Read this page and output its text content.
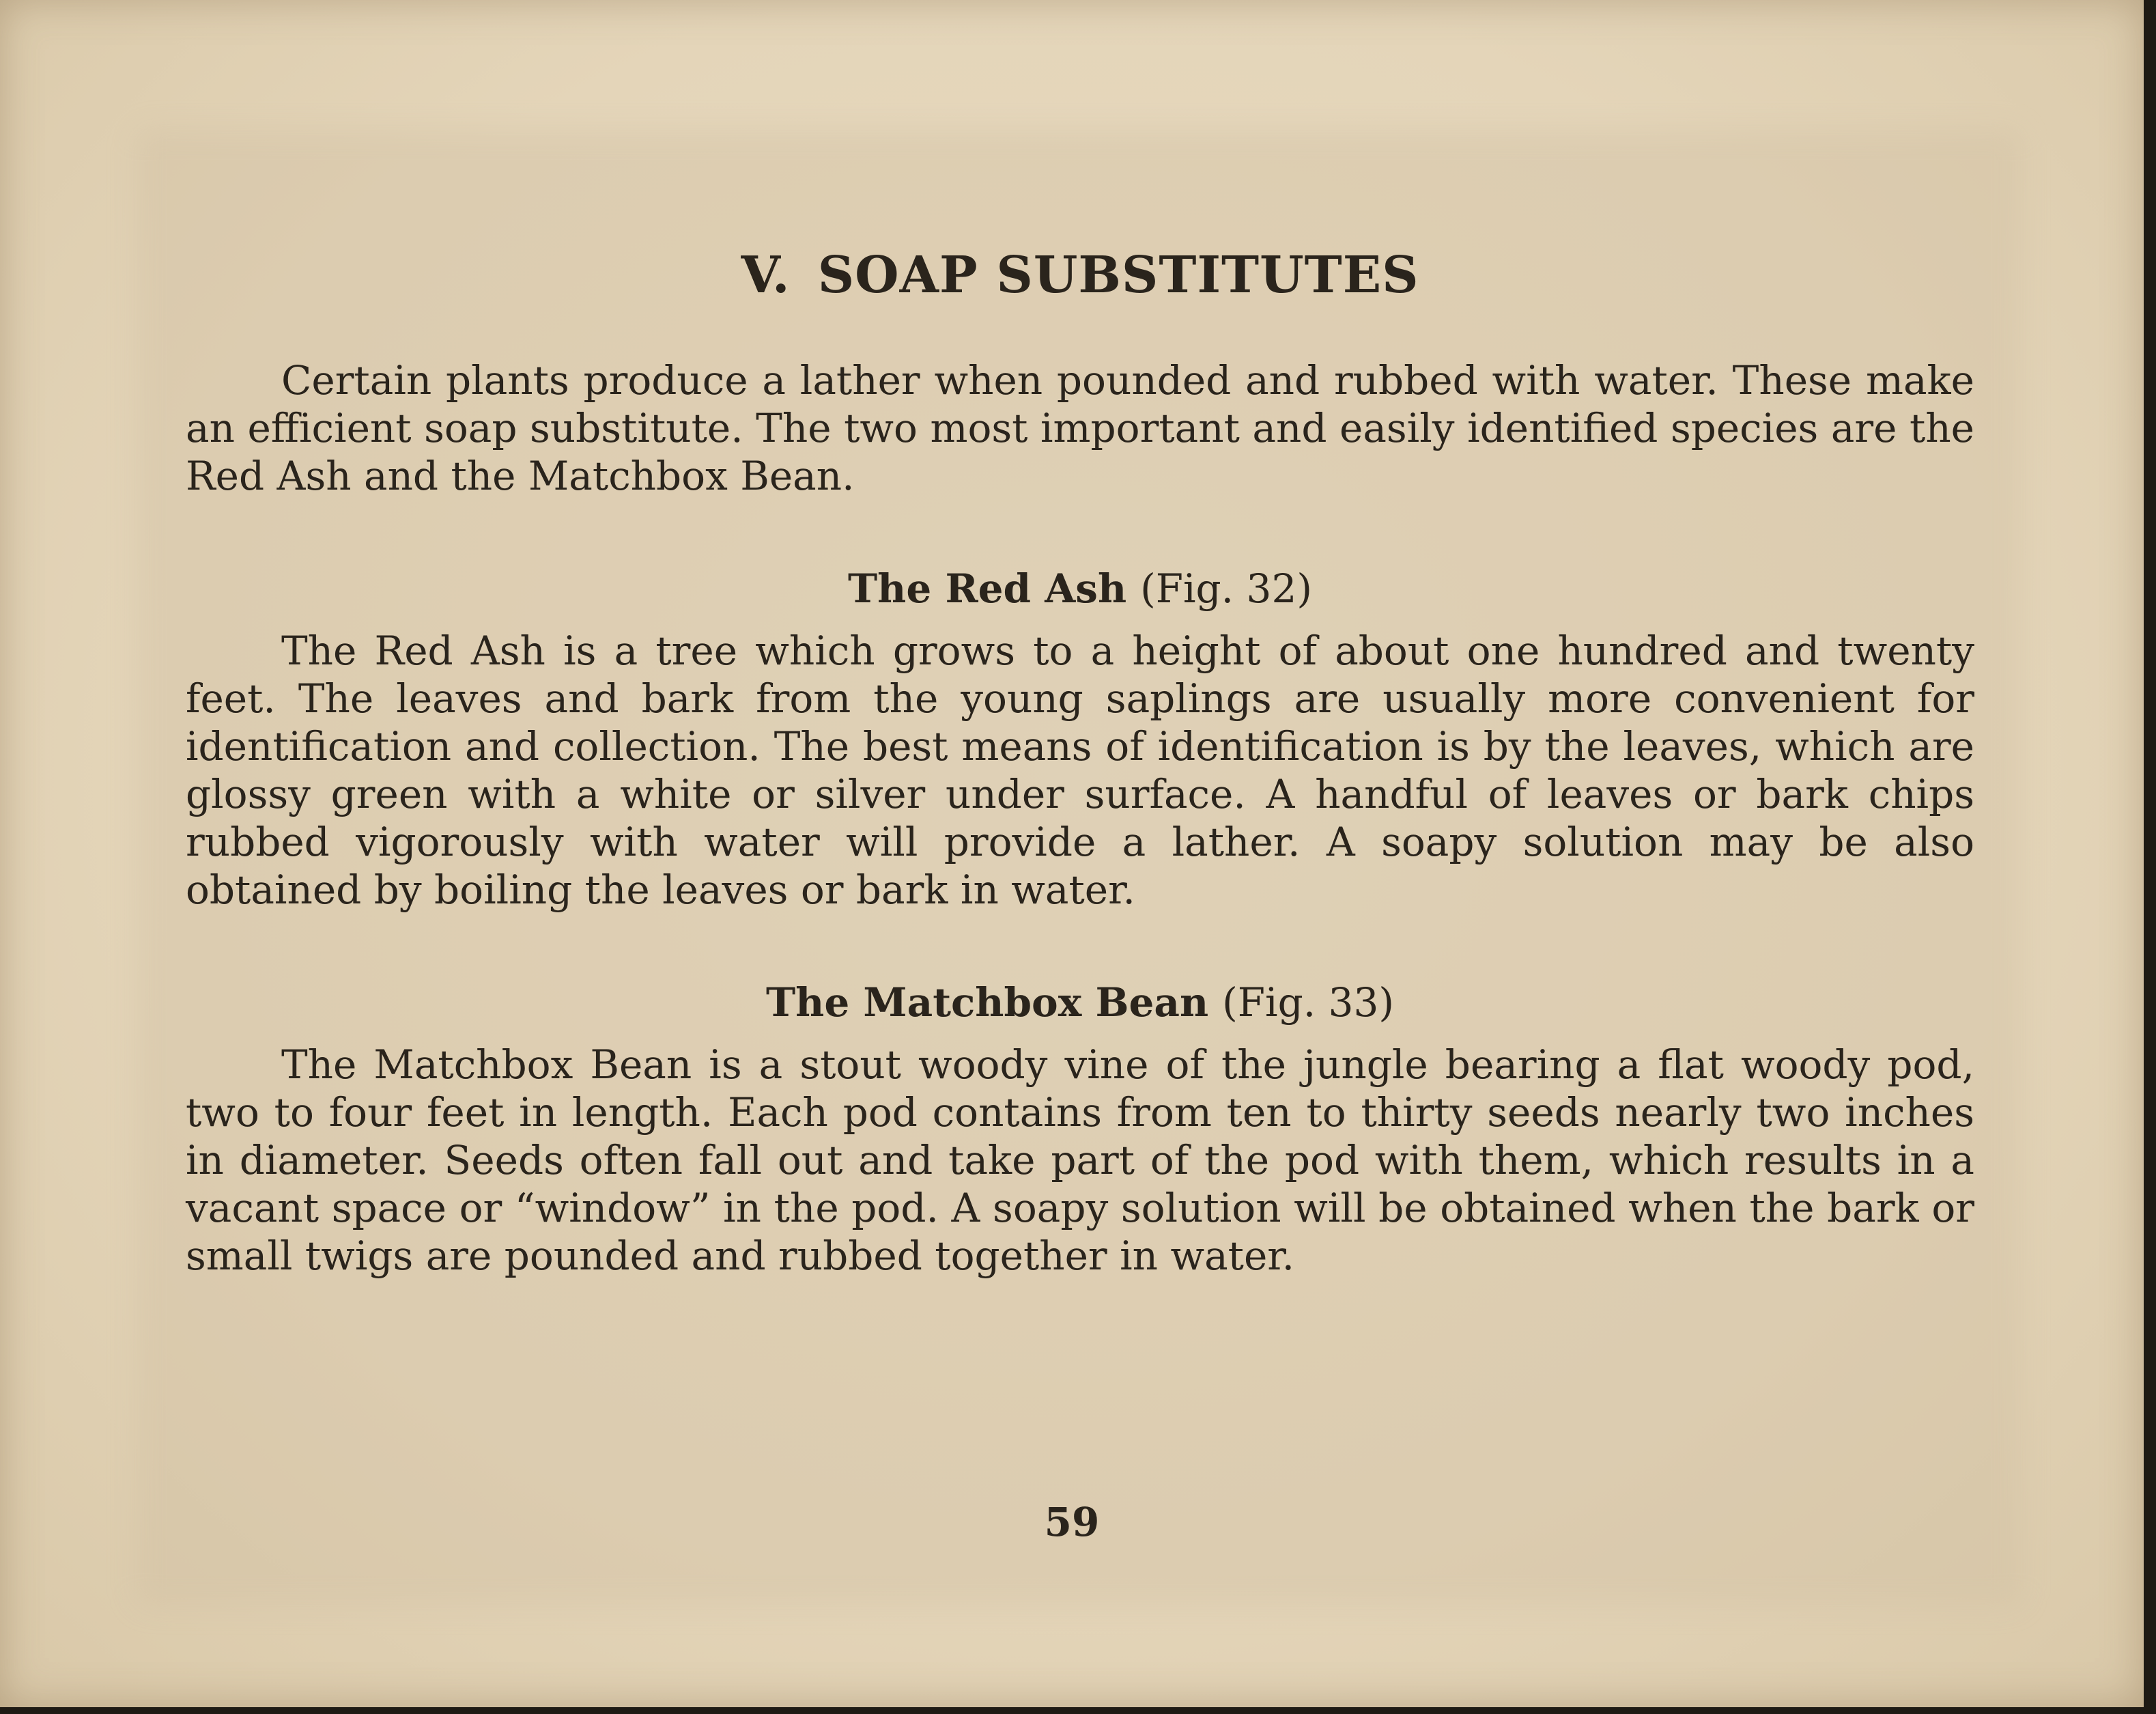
V. SOAP SUBSTITUTES

Certain plants produce a lather when pounded and rubbed with water. These make an efficient soap substitute. The two most important and easily identified species are the Red Ash and the Matchbox Bean.

The Red Ash (Fig. 32)

The Red Ash is a tree which grows to a height of about one hundred and twenty feet. The leaves and bark from the young saplings are usually more convenient for identification and collection. The best means of identification is by the leaves, which are glossy green with a white or silver under surface. A handful of leaves or bark chips rubbed vigorously with water will provide a lather. A soapy solution may be also obtained by boiling the leaves or bark in water.

The Matchbox Bean (Fig. 33)

The Matchbox Bean is a stout woody vine of the jungle bearing a flat woody pod, two to four feet in length. Each pod contains from ten to thirty seeds nearly two inches in diameter. Seeds often fall out and take part of the pod with them, which results in a vacant space or “window” in the pod. A soapy solution will be obtained when the bark or small twigs are pounded and rubbed together in water.

59
